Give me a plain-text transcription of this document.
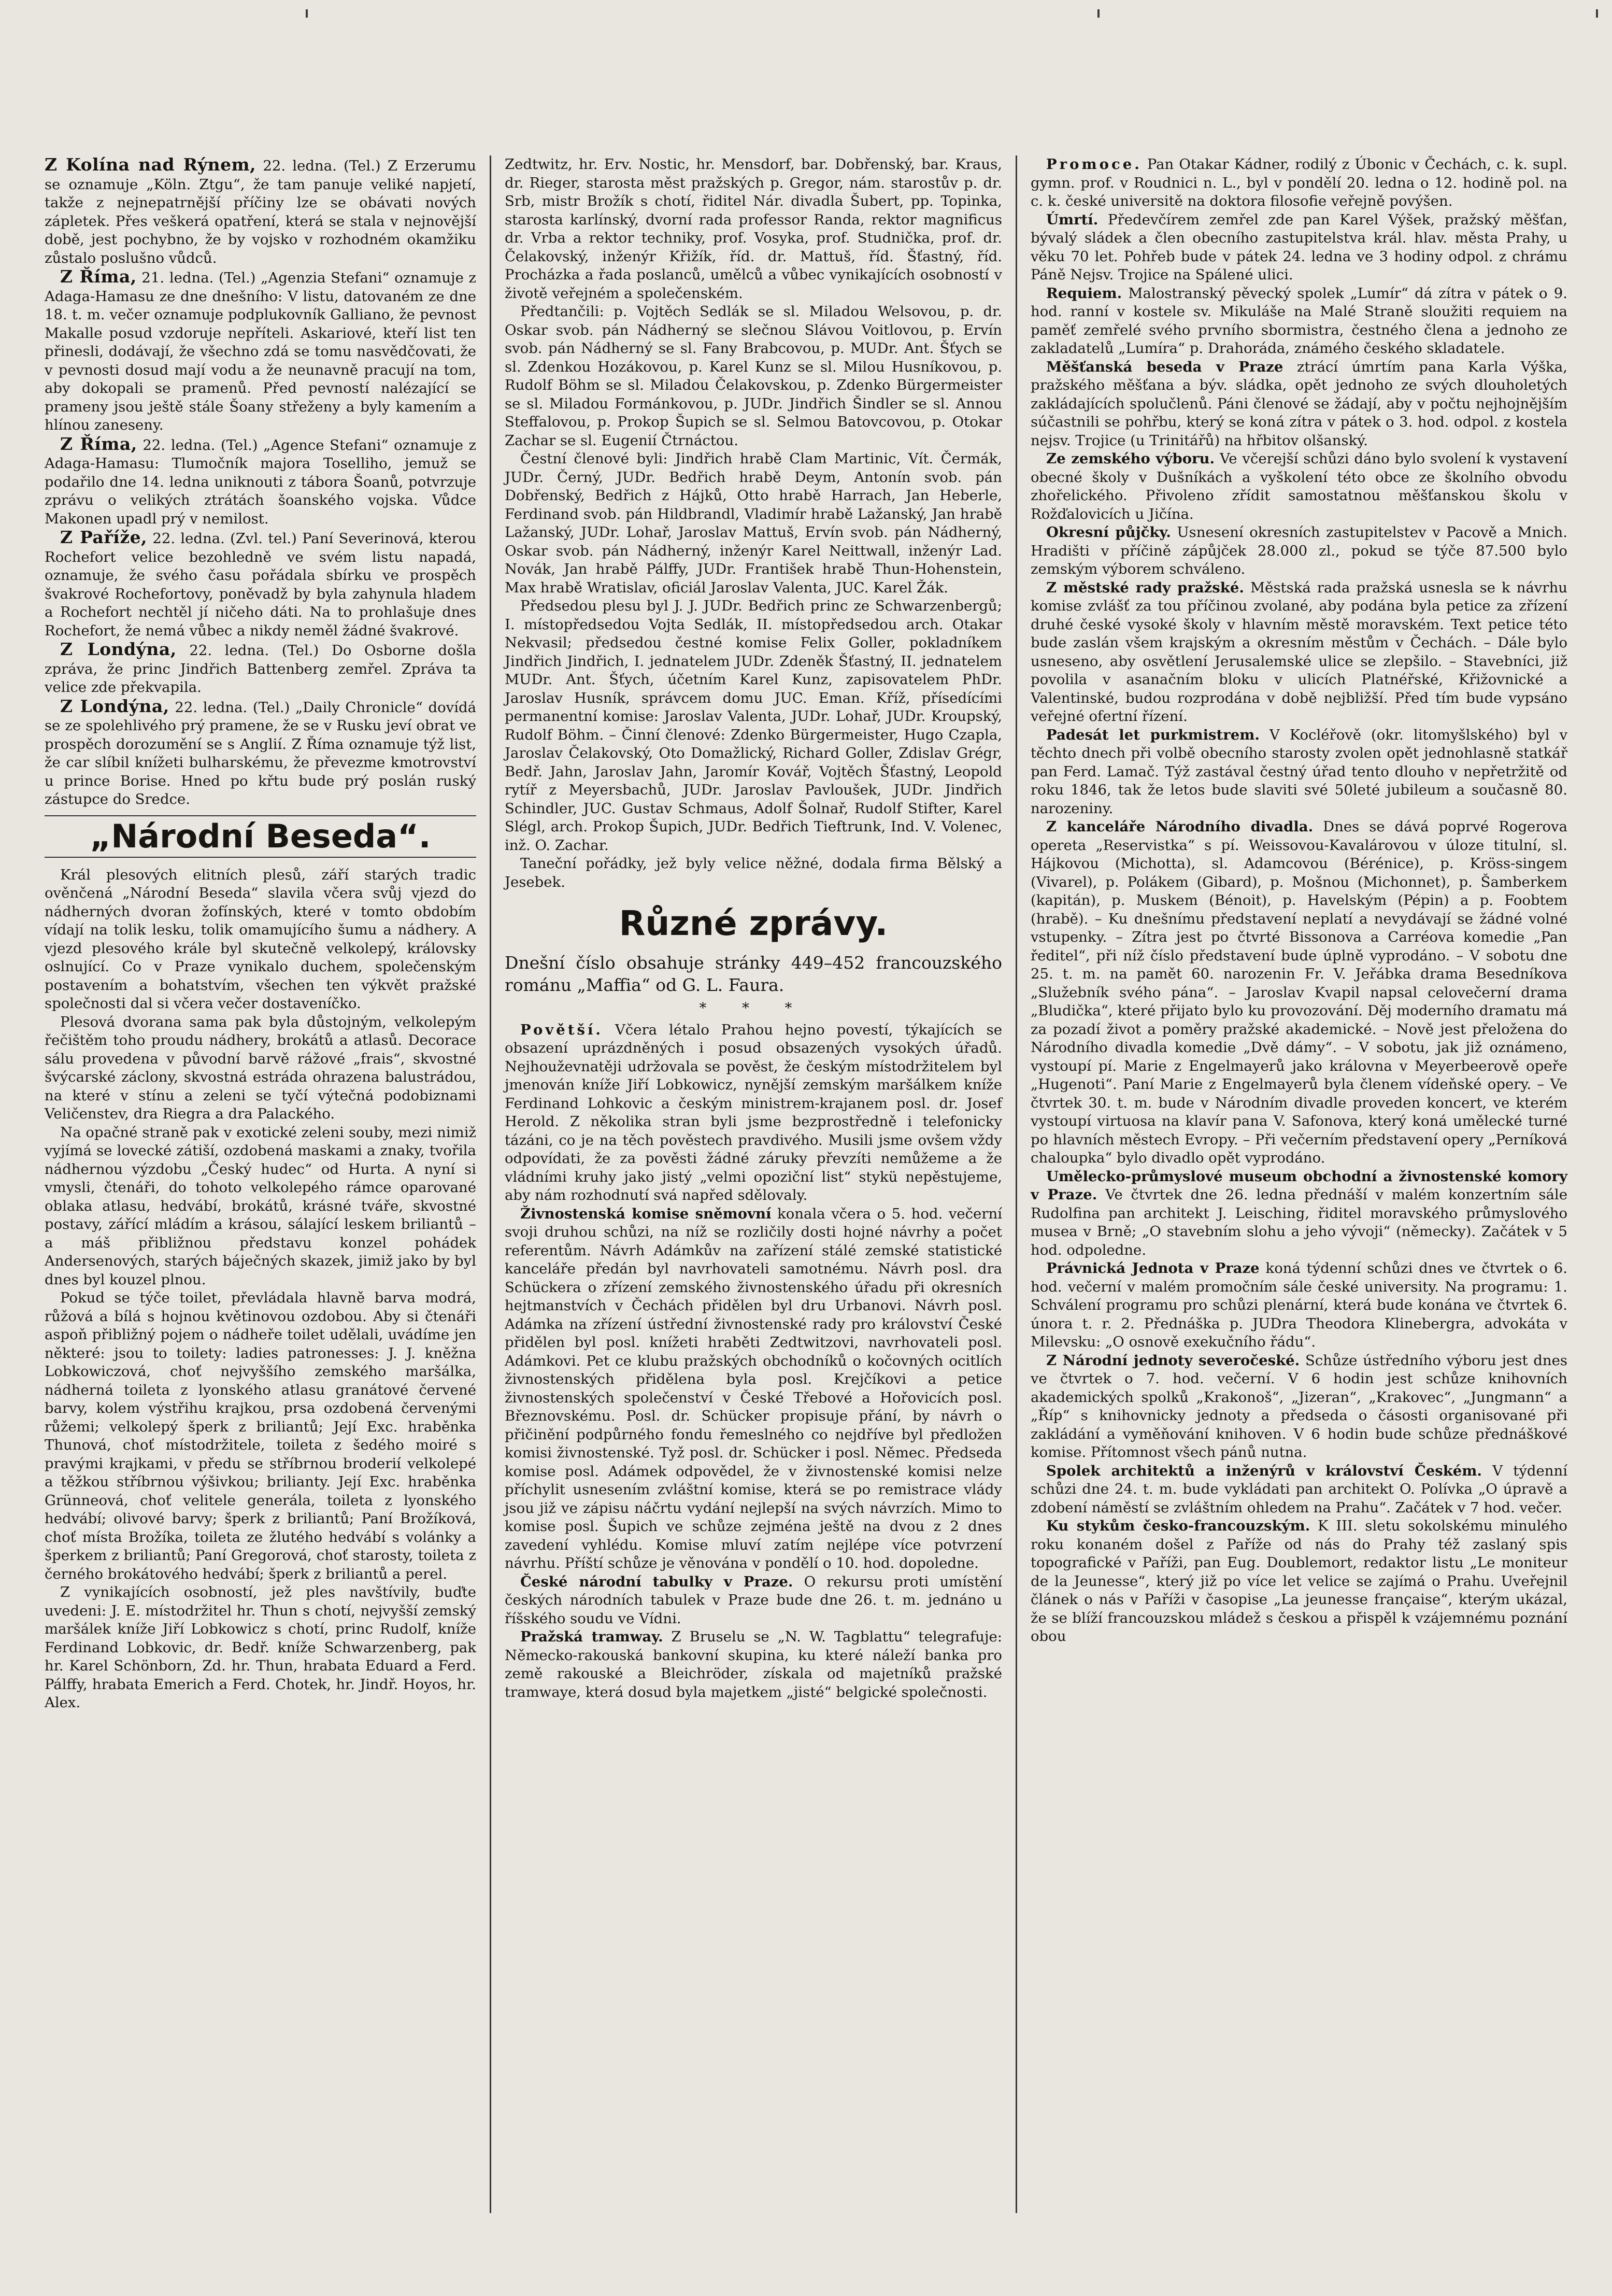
Z Kolína nad Rýnem, 22. ledna. (Tel.) Z Erzerumu se oznamuje „Köln. Ztgu“, že tam panuje veliké napjetí, takže z nejnepatrnější příčiny lze se obávati nových zápletek. Přes veškerá opatření, která se stala v nejnovější době, jest pochybno, že by vojsko v rozhodném okamžiku zůstalo poslušno vůdců.

Z Říma, 21. ledna. (Tel.) „Agenzia Stefani“ oznamuje z Adaga-Hamasu ze dne dnešního: V listu, datovaném ze dne 18. t. m. večer oznamuje podplukovník Galliano, že pevnost Makalle posud vzdoruje nepříteli. Askariové, kteří list ten přinesli, dodávají, že všechno zdá se tomu nasvědčovati, že v pevnosti dosud mají vodu a že neunavně pracují na tom, aby dokopali se pramenů. Před pevností nalézající se prameny jsou ještě stále Šoany střeženy a byly kamením a hlínou zaneseny.

Z Říma, 22. ledna. (Tel.) „Agence Stefani“ oznamuje z Adaga-Hamasu: Tlumočník majora Toselliho, jemuž se podařilo dne 14. ledna uniknouti z tábora Šoanů, potvrzuje zprávu o velikých ztrátách šoanského vojska. Vůdce Makonen upadl prý v nemilost.

Z Paříže, 22. ledna. (Zvl. tel.) Paní Severinová, kterou Rochefort velice bezohledně ve svém listu napadá, oznamuje, že svého času pořádala sbírku ve prospěch švakrové Rochefortovy, poněvadž by byla zahynula hladem a Rochefort nechtěl jí ničeho dáti. Na to prohlašuje dnes Rochefort, že nemá vůbec a nikdy neměl žádné švakrové.

Z Londýna, 22. ledna. (Tel.) Do Osborne došla zpráva, že princ Jindřich Battenberg zemřel. Zpráva ta velice zde překvapila.

Z Londýna, 22. ledna. (Tel.) „Daily Chronicle“ dovídá se ze spolehlivého prý pramene, že se v Rusku jeví obrat ve prospěch dorozumění se s Anglií. Z Říma oznamuje týž list, že car slíbil knížeti bulharskému, že převezme kmotrovství u prince Borise. Hned po křtu bude prý poslán ruský zástupce do Sredce.

„Národní Beseda“.

Král plesových elitních plesů, září starých tradic ověnčená „Národní Beseda“ slavila včera svůj vjezd do nádherných dvoran žofínských, které v tomto obdobím vídají na tolik lesku, tolik omamujícího šumu a nádhery. A vjezd plesového krále byl skutečně velkolepý, královsky oslnující. Co v Praze vynikalo duchem, společenským postavením a bohatstvím, všechen ten výkvět pražské společnosti dal si včera večer dostaveníčko.

Plesová dvorana sama pak byla důstojným, velkolepým řečištěm toho proudu nádhery, brokátů a atlasů. Decorace sálu provedena v původní barvě rážové „frais“, skvostné švýcarské záclony, skvostná estráda ohrazena balustrádou, na které v stínu a zeleni se tyčí výtečná podobiznami Veličenstev, dra Riegra a dra Palackého.

Na opačné straně pak v exotické zeleni souby, mezi nimiž vyjímá se lovecké zátiší, ozdobená maskami a znaky, tvořila nádhernou výzdobu „Český hudec“ od Hurta. A nyní si vmysli, čtenáři, do tohoto velkolepého rámce oparované oblaka atlasu, hedvábí, brokátů, krásné tváře, skvostné postavy, zářící mládím a krásou, sálající leskem briliantů – a máš přibližnou představu konzel pohádek Andersenových, starých báječných skazek, jimiž jako by byl dnes byl kouzel plnou.

Pokud se týče toilet, převládala hlavně barva modrá, růžová a bílá s hojnou květinovou ozdobou. Aby si čtenáři aspoň přibližný pojem o nádheře toilet udělali, uvádíme jen některé: jsou to toilety: ladies patronesses: J. J. kněžna Lobkowiczová, choť nejvyššího zemského maršálka, nádherná toileta z lyonského atlasu granátové červené barvy, kolem výstřihu krajkou, prsa ozdobená červenými růžemi; velkolepý šperk z briliantů; Její Exc. hraběnka Thunová, choť místodržitele, toileta z šedého moiré s pravými krajkami, v předu se stříbrnou broderií velkolepé a těžkou stříbrnou výšivkou; brilianty. Její Exc. hraběnka Grünneová, choť velitele generála, toileta z lyonského hedvábí; olivové barvy; šperk z briliantů; Paní Brožíková, choť místa Brožíka, toileta ze žlutého hedvábí s volánky a šperkem z briliantů; Paní Gregorová, choť starosty, toileta z černého brokátového hedvábí; šperk z briliantů a perel.

Z vynikajících osobností, jež ples navštívily, buďte uvedeni: J. E. místodržitel hr. Thun s chotí, nejvyšší zemský maršálek kníže Jiří Lobkowicz s chotí, princ Rudolf, kníže Ferdinand Lobkovic, dr. Bedř. kníže Schwarzenberg, pak hr. Karel Schönborn, Zd. hr. Thun, hrabata Eduard a Ferd. Pálffy, hrabata Emerich a Ferd. Chotek, hr. Jindř. Hoyos, hr. Alex.

Zedtwitz, hr. Erv. Nostic, hr. Mensdorf, bar. Dobřenský, bar. Kraus, dr. Rieger, starosta měst pražských p. Gregor, nám. starostův p. dr. Srb, mistr Brožík s chotí, řiditel Nár. divadla Šubert, pp. Topinka, starosta karlínský, dvorní rada professor Randa, rektor magnificus dr. Vrba a rektor techniky, prof. Vosyka, prof. Studnička, prof. dr. Čelakovský, inženýr Křižík, říd. dr. Mattuš, říd. Šťastný, říd. Procházka a řada poslanců, umělců a vůbec vynikajících osobností v životě veřejném a společenském.

Předtančili: p. Vojtěch Sedlák se sl. Miladou Welsovou, p. dr. Oskar svob. pán Nádherný se slečnou Slávou Voitlovou, p. Ervín svob. pán Nádherný se sl. Fany Brabcovou, p. MUDr. Ant. Šťych se sl. Zdenkou Hozákovou, p. Karel Kunz se sl. Milou Husníkovou, p. Rudolf Böhm se sl. Miladou Čelakovskou, p. Zdenko Bürgermeister se sl. Miladou Formánkovou, p. JUDr. Jindřich Šindler se sl. Annou Steffalovou, p. Prokop Šupich se sl. Selmou Batovcovou, p. Otokar Zachar se sl. Eugenií Čtrnáctou.

Čestní členové byli: Jindřich hrabě Clam Martinic, Vít. Čermák, JUDr. Černý, JUDr. Bedřich hrabě Deym, Antonín svob. pán Dobřenský, Bedřich z Hájků, Otto hrabě Harrach, Jan Heberle, Ferdinand svob. pán Hildbrandl, Vladimír hrabě Lažanský, Jan hrabě Lažanský, JUDr. Lohař, Jaroslav Mattuš, Ervín svob. pán Nádherný, Oskar svob. pán Nádherný, inženýr Karel Neittwall, inženýr Lad. Novák, Jan hrabě Pálffy, JUDr. František hrabě Thun-Hohenstein, Max hrabě Wratislav, oficiál Jaroslav Valenta, JUC. Karel Žák.

Předsedou plesu byl J. J. JUDr. Bedřich princ ze Schwarzenbergů; I. místopředsedou Vojta Sedlák, II. místopředsedou arch. Otakar Nekvasil; předsedou čestné komise Felix Goller, pokladníkem Jindřich Jindřich, I. jednatelem JUDr. Zdeněk Šťastný, II. jednatelem MUDr. Ant. Šťych, účetním Karel Kunz, zapisovatelem PhDr. Jaroslav Husník, správcem domu JUC. Eman. Kříž, přísedícími permanentní komise: Jaroslav Valenta, JUDr. Lohař, JUDr. Kroupský, Rudolf Böhm. – Činní členové: Zdenko Bürgermeister, Hugo Czapla, Jaroslav Čelakovský, Oto Domažlický, Richard Goller, Zdislav Grégr, Bedř. Jahn, Jaroslav Jahn, Jaromír Kovář, Vojtěch Šťastný, Leopold rytíř z Meyersbachů, JUDr. Jaroslav Pavloušek, JUDr. Jindřich Schindler, JUC. Gustav Schmaus, Adolf Šolnař, Rudolf Stifter, Karel Slégl, arch. Prokop Šupich, JUDr. Bedřich Tieftrunk, Ind. V. Volenec, inž. O. Zachar.

Taneční pořádky, jež byly velice něžné, dodala firma Bělský a Jesebek.

Různé zprávy.

Dnešní číslo obsahuje stránky 449–452 francouzského románu „Maffia“ od G. L. Faura.

* * *

Povětší. Včera létalo Prahou hejno povestí, týkajících se obsazení uprázdněných i posud obsazených vysokých úřadů. Nejhouževnatěji udržovala se pověst, že českým místodržitelem byl jmenován kníže Jiří Lobkowicz, nynější zemským maršálkem kníže Ferdinand Lohkovic a českým ministrem-krajanem posl. dr. Josef Herold. Z několika stran byli jsme bezprostředně i telefonicky tázáni, co je na těch pověstech pravdivého. Musili jsme ovšem vždy odpovídati, že za pověsti žádné záruky převzíti nemůžeme a že vládními kruhy jako jistý „velmi opoziční list“ stykü nepěstujeme, aby nám rozhodnutí svá napřed sdělovaly.

Živnostenská komise sněmovní konala včera o 5. hod. večerní svoji druhou schůzi, na níž se rozličily dosti hojné návrhy a počet referentům. Návrh Adámkův na zařízení stálé zemské statistické kanceláře předán byl navrhovateli samotnému. Návrh posl. dra Schückera o zřízení zemského živnostenského úřadu při okresních hejtmanstvích v Čechách přidělen byl dru Urbanovi. Návrh posl. Adámka na zřízení ústřední živnostenské rady pro království České přidělen byl posl. knížeti hraběti Zedtwitzovi, navrhovateli posl. Adámkovi. Pet ce klubu pražských obchodníků o kočovných ocitlích živnostenských přidělena byla posl. Krejčíkovi a petice živnostenských společenství v České Třebové a Hořovicích posl. Březnovskému. Posl. dr. Schücker propisuje přání, by návrh o přičinění podpůrného fondu řemeslného co nejdříve byl předložen komisi živnostenské. Tyž posl. dr. Schücker i posl. Němec. Předseda komise posl. Adámek odpovědel, že v živnostenské komisi nelze příchylit usnesením zvláštní komise, která se po remistrace vlády jsou již ve zápisu náčrtu vydání nejlepší na svých návrzích. Mimo to komise posl. Šupich ve schůze zejména ještě na dvou z 2 dnes zavedení vyhlédu. Komise mluví zatím nejlépe více potvrzení návrhu. Příští schůze je věnována v pondělí o 10. hod. dopoledne.

České národní tabulky v Praze. O rekursu proti umístění českých národních tabulek v Praze bude dne 26. t. m. jednáno u říšského soudu ve Vídni.

Pražská tramway. Z Bruselu se „N. W. Tagblattu“ telegrafuje: Německo-rakouská bankovní skupina, ku které náleží banka pro země rakouské a Bleichröder, získala od majetníků pražské tramwaye, která dosud byla majetkem „jisté“ belgické společnosti.

Promoce. Pan Otakar Kádner, rodilý z Úbonic v Čechách, c. k. supl. gymn. prof. v Roudnici n. L., byl v pondělí 20. ledna o 12. hodině pol. na c. k. české universitě na doktora filosofie veřejně povýšen.

Úmrtí. Předevčírem zemřel zde pan Karel Výšek, pražský měšťan, bývalý sládek a člen obecního zastupitelstva král. hlav. města Prahy, u věku 70 let. Pohřeb bude v pátek 24. ledna ve 3 hodiny odpol. z chrámu Páně Nejsv. Trojice na Spálené ulici.

Requiem. Malostranský pěvecký spolek „Lumír“ dá zítra v pátek o 9. hod. ranní v kostele sv. Mikuláše na Malé Straně sloužiti requiem na paměť zemřelé svého prvního sbormistra, čestného člena a jednoho ze zakladatelů „Lumíra“ p. Drahoráda, známého českého skladatele.

Měšťanská beseda v Praze ztrácí úmrtím pana Karla Výška, pražského měšťana a býv. sládka, opět jednoho ze svých dlouholetých zakládajících spolučlenů. Páni členové se žádají, aby v počtu nejhojnějším súčastnili se pohřbu, který se koná zítra v pátek o 3. hod. odpol. z kostela nejsv. Trojice (u Trinitářů) na hřbitov olšanský.

Ze zemského výboru. Ve včerejší schůzi dáno bylo svolení k vystavení obecné školy v Dušníkách a vyškolení této obce ze školního obvodu zhořelického. Přivoleno zřídit samostatnou měšťanskou školu v Rožďalovicích u Jičína.

Okresní půjčky. Usnesení okresních zastupitelstev v Pacově a Mnich. Hradišti v příčině zápůjček 28.000 zl., pokud se týče 87.500 bylo zemským výborem schváleno.

Z městské rady pražské. Městská rada pražská usnesla se k návrhu komise zvlášť za tou příčinou zvolané, aby podána byla petice za zřízení druhé české vysoké školy v hlavním městě moravském. Text petice této bude zaslán všem krajským a okresním městům v Čechách. – Dále bylo usneseno, aby osvětlení Jerusalemské ulice se zlepšilo. – Stavebníci, již povolila v asanačním bloku v ulicích Platnéřské, Křižovnické a Valentinské, budou rozprodána v době nejbližší. Před tím bude vypsáno veřejné ofertní řízení.

Padesát let purkmistrem. V Kocléřově (okr. litomyšlského) byl v těchto dnech při volbě obecního starosty zvolen opět jednohlasně statkář pan Ferd. Lamač. Týž zastával čestný úřad tento dlouho v nepřetržitě od roku 1846, tak že letos bude slaviti své 50leté jubileum a současně 80. narozeniny.

Z kanceláře Národního divadla. Dnes se dává poprvé Rogerova opereta „Reservistka“ s pí. Weissovou-Kavalárovou v úloze titulní, sl. Hájkovou (Michotta), sl. Adamcovou (Bérénice), p. Kröss-singem (Vivarel), p. Polákem (Gibard), p. Mošnou (Michonnet), p. Šamberkem (kapitán), p. Muskem (Bénoit), p. Havelským (Pépin) a p. Foobtem (hrabě). – Ku dnešnímu představení neplatí a nevydávají se žádné volné vstupenky. – Zítra jest po čtvrté Bissonova a Carréova komedie „Pan ředitel“, při níž číslo představení bude úplně vyprodáno. – V sobotu dne 25. t. m. na pamět 60. narozenin Fr. V. Jeřábka drama Besedníkova „Služebník svého pána“. – Jaroslav Kvapil napsal celovečerní drama „Bludička“, které přijato bylo ku provozování. Děj moderního dramatu má za pozadí život a poměry pražské akademické. – Nově jest přeložena do Národního divadla komedie „Dvě dámy“. – V sobotu, jak již oznámeno, vystoupí pí. Marie z Engelmayerů jako královna v Meyerbeerově opeře „Hugenoti“. Paní Marie z Engelmayerů byla členem vídeňské opery. – Ve čtvrtek 30. t. m. bude v Národním divadle proveden koncert, ve kterém vystoupí virtuosa na klavír pana V. Safonova, který koná umělecké turné po hlavních městech Evropy. – Při večerním představení opery „Perníková chaloupka“ bylo divadlo opět vyprodáno.

Umělecko-průmyslové museum obchodní a živnostenské komory v Praze. Ve čtvrtek dne 26. ledna přednáší v malém konzertním sále Rudolfina pan architekt J. Leisching, řiditel moravského průmyslového musea v Brně; „O stavebním slohu a jeho vývoji“ (německy). Začátek v 5 hod. odpoledne.

Právnická Jednota v Praze koná týdenní schůzi dnes ve čtvrtek o 6. hod. večerní v malém promočním sále české university. Na programu: 1. Schválení programu pro schůzi plenární, která bude konána ve čtvrtek 6. února t. r. 2. Přednáška p. JUDra Theodora Klinebergra, advokáta v Milevsku: „O osnově exekučního řádu“.

Z Národní jednoty severočeské. Schůze ústředního výboru jest dnes ve čtvrtek o 7. hod. večerní. V 6 hodin jest schůze knihovních akademických spolků „Krakonoš“, „Jizeran“, „Krakovec“, „Jungmann“ a „Říp“ s knihovnicky jednoty a předseda o čásosti organisované při zakládání a vyměňování knihoven. V 6 hodin bude schůze přednáškové komise. Přítomnost všech pánů nutna.

Spolek architektů a inženýrů v království Českém. V týdenní schůzi dne 24. t. m. bude vykládati pan architekt O. Polívka „O úpravě a zdobení náměstí se zvláštním ohledem na Prahu“. Začátek v 7 hod. večer.

Ku stykům česko-francouzským. K III. sletu sokolskému minulého roku konaném došel z Paříže od nás do Prahy též zaslaný spis topografické v Paříži, pan Eug. Doublemort, redaktor listu „Le moniteur de la Jeunesse“, který již po více let velice se zajímá o Prahu. Uveřejnil článek o nás v Paříži v časopise „La jeunesse française“, kterým ukázal, že se blíží francouzskou mládež s českou a přispěl k vzájemnému poznání obou
